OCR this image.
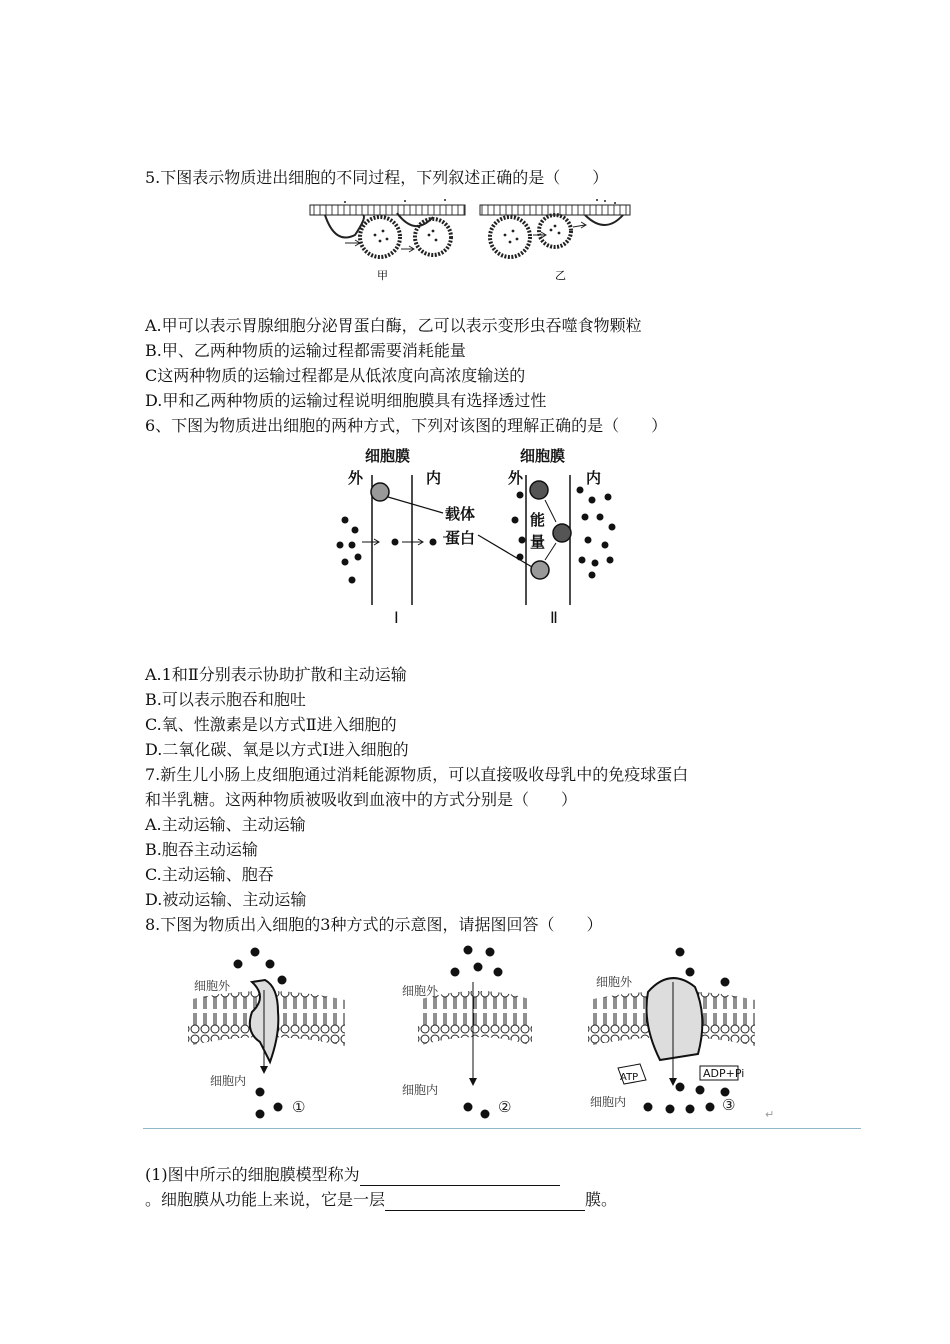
5.下图表示物质进出细胞的不同过程，下列叙述正确的是（　　）
甲	乙
A.甲可以表示胃腺细胞分泌胃蛋白酶，乙可以表示变形虫吞噬食物颗粒
B.甲、乙两种物质的运输过程都需要消耗能量
C这两种物质的运输过程都是从低浓度向高浓度输送的
D.甲和乙两种物质的运输过程说明细胞膜具有选择透过性
6、下图为物质进出细胞的两种方式，下列对该图的理解正确的是（　　）
细胞膜
外	内
细胞膜
外	内
载体
蛋白
能
量
Ⅰ	Ⅱ
A.1和Ⅱ分别表示协助扩散和主动运输
B.可以表示胞吞和胞吐
C.氧、性激素是以方式Ⅱ进入细胞的
D.二氧化碳、氧是以方式I进入细胞的
7.新生儿小肠上皮细胞通过消耗能源物质，可以直接吸收母乳中的免疫球蛋白
和半乳糖。这两种物质被吸收到血液中的方式分别是（　　）
A.主动运输、主动运输
B.胞吞主动运输
C.主动运输、胞吞
D.被动运输、主动运输
8.下图为物质出入细胞的3种方式的示意图，请据图回答（　　）
细胞外
细胞内
①
细胞外
细胞内
②
ATP	ADP+Pi
细胞外
细胞内	③
↵
(1)图中所示的细胞膜模型称为
。细胞膜从功能上来说，它是一层	膜。
